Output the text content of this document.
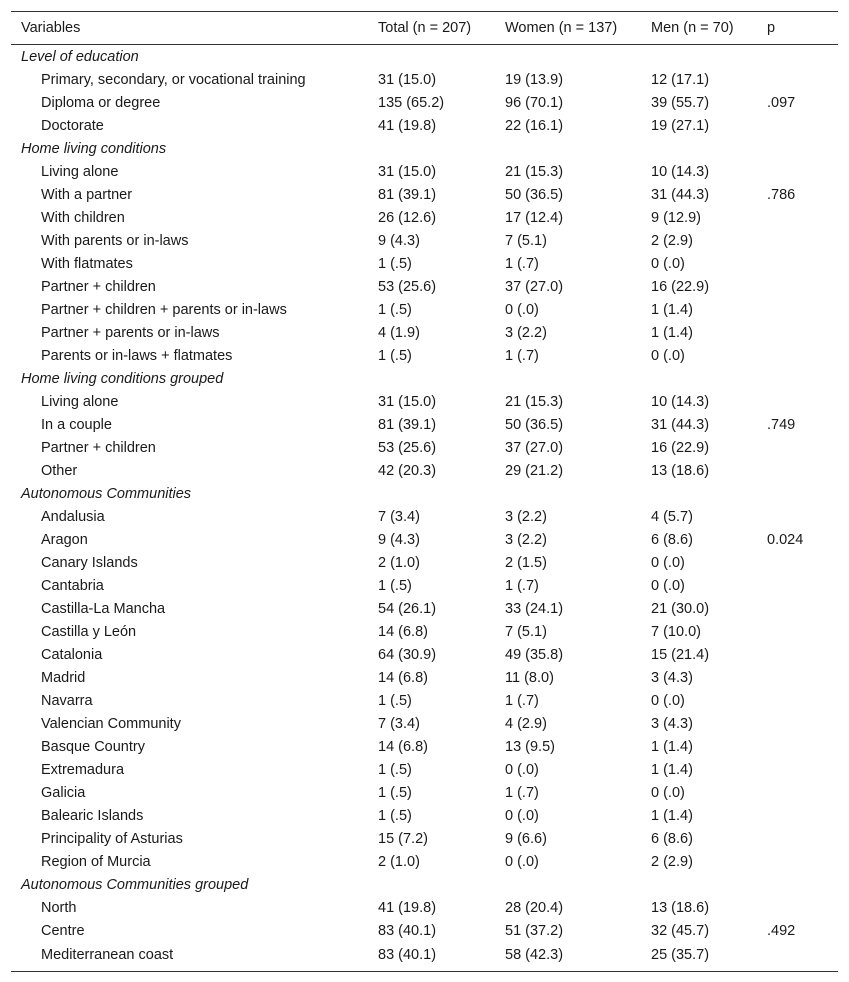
Variables	Total (n = 207)	Women (n = 137)	Men (n = 70)	p
Level of education				
Primary, secondary, or vocational training	31 (15.0)	19 (13.9)	12 (17.1)	
Diploma or degree	135 (65.2)	96 (70.1)	39 (55.7)	.097
Doctorate	41 (19.8)	22 (16.1)	19 (27.1)	
Home living conditions				
Living alone	31 (15.0)	21 (15.3)	10 (14.3)	
With a partner	81 (39.1)	50 (36.5)	31 (44.3)	.786
With children	26 (12.6)	17 (12.4)	9 (12.9)	
With parents or in-laws	9 (4.3)	7 (5.1)	2 (2.9)	
With flatmates	1 (.5)	1 (.7)	0 (.0)	
Partner + children	53 (25.6)	37 (27.0)	16 (22.9)	
Partner + children + parents or in-laws	1 (.5)	0 (.0)	1 (1.4)	
Partner + parents or in-laws	4 (1.9)	3 (2.2)	1 (1.4)	
Parents or in-laws + flatmates	1 (.5)	1 (.7)	0 (.0)	
Home living conditions grouped				
Living alone	31 (15.0)	21 (15.3)	10 (14.3)	
In a couple	81 (39.1)	50 (36.5)	31 (44.3)	.749
Partner + children	53 (25.6)	37 (27.0)	16 (22.9)	
Other	42 (20.3)	29 (21.2)	13 (18.6)	
Autonomous Communities				
Andalusia	7 (3.4)	3 (2.2)	4 (5.7)	
Aragon	9 (4.3)	3 (2.2)	6 (8.6)	0.024
Canary Islands	2 (1.0)	2 (1.5)	0 (.0)	
Cantabria	1 (.5)	1 (.7)	0 (.0)	
Castilla-La Mancha	54 (26.1)	33 (24.1)	21 (30.0)	
Castilla y León	14 (6.8)	7 (5.1)	7 (10.0)	
Catalonia	64 (30.9)	49 (35.8)	15 (21.4)	
Madrid	14 (6.8)	11 (8.0)	3 (4.3)	
Navarra	1 (.5)	1 (.7)	0 (.0)	
Valencian Community	7 (3.4)	4 (2.9)	3 (4.3)	
Basque Country	14 (6.8)	13 (9.5)	1 (1.4)	
Extremadura	1 (.5)	0 (.0)	1 (1.4)	
Galicia	1 (.5)	1 (.7)	0 (.0)	
Balearic Islands	1 (.5)	0 (.0)	1 (1.4)	
Principality of Asturias	15 (7.2)	9 (6.6)	6 (8.6)	
Region of Murcia	2 (1.0)	0 (.0)	2 (2.9)	
Autonomous Communities grouped				
North	41 (19.8)	28 (20.4)	13 (18.6)	
Centre	83 (40.1)	51 (37.2)	32 (45.7)	.492
Mediterranean coast	83 (40.1)	58 (42.3)	25 (35.7)	
